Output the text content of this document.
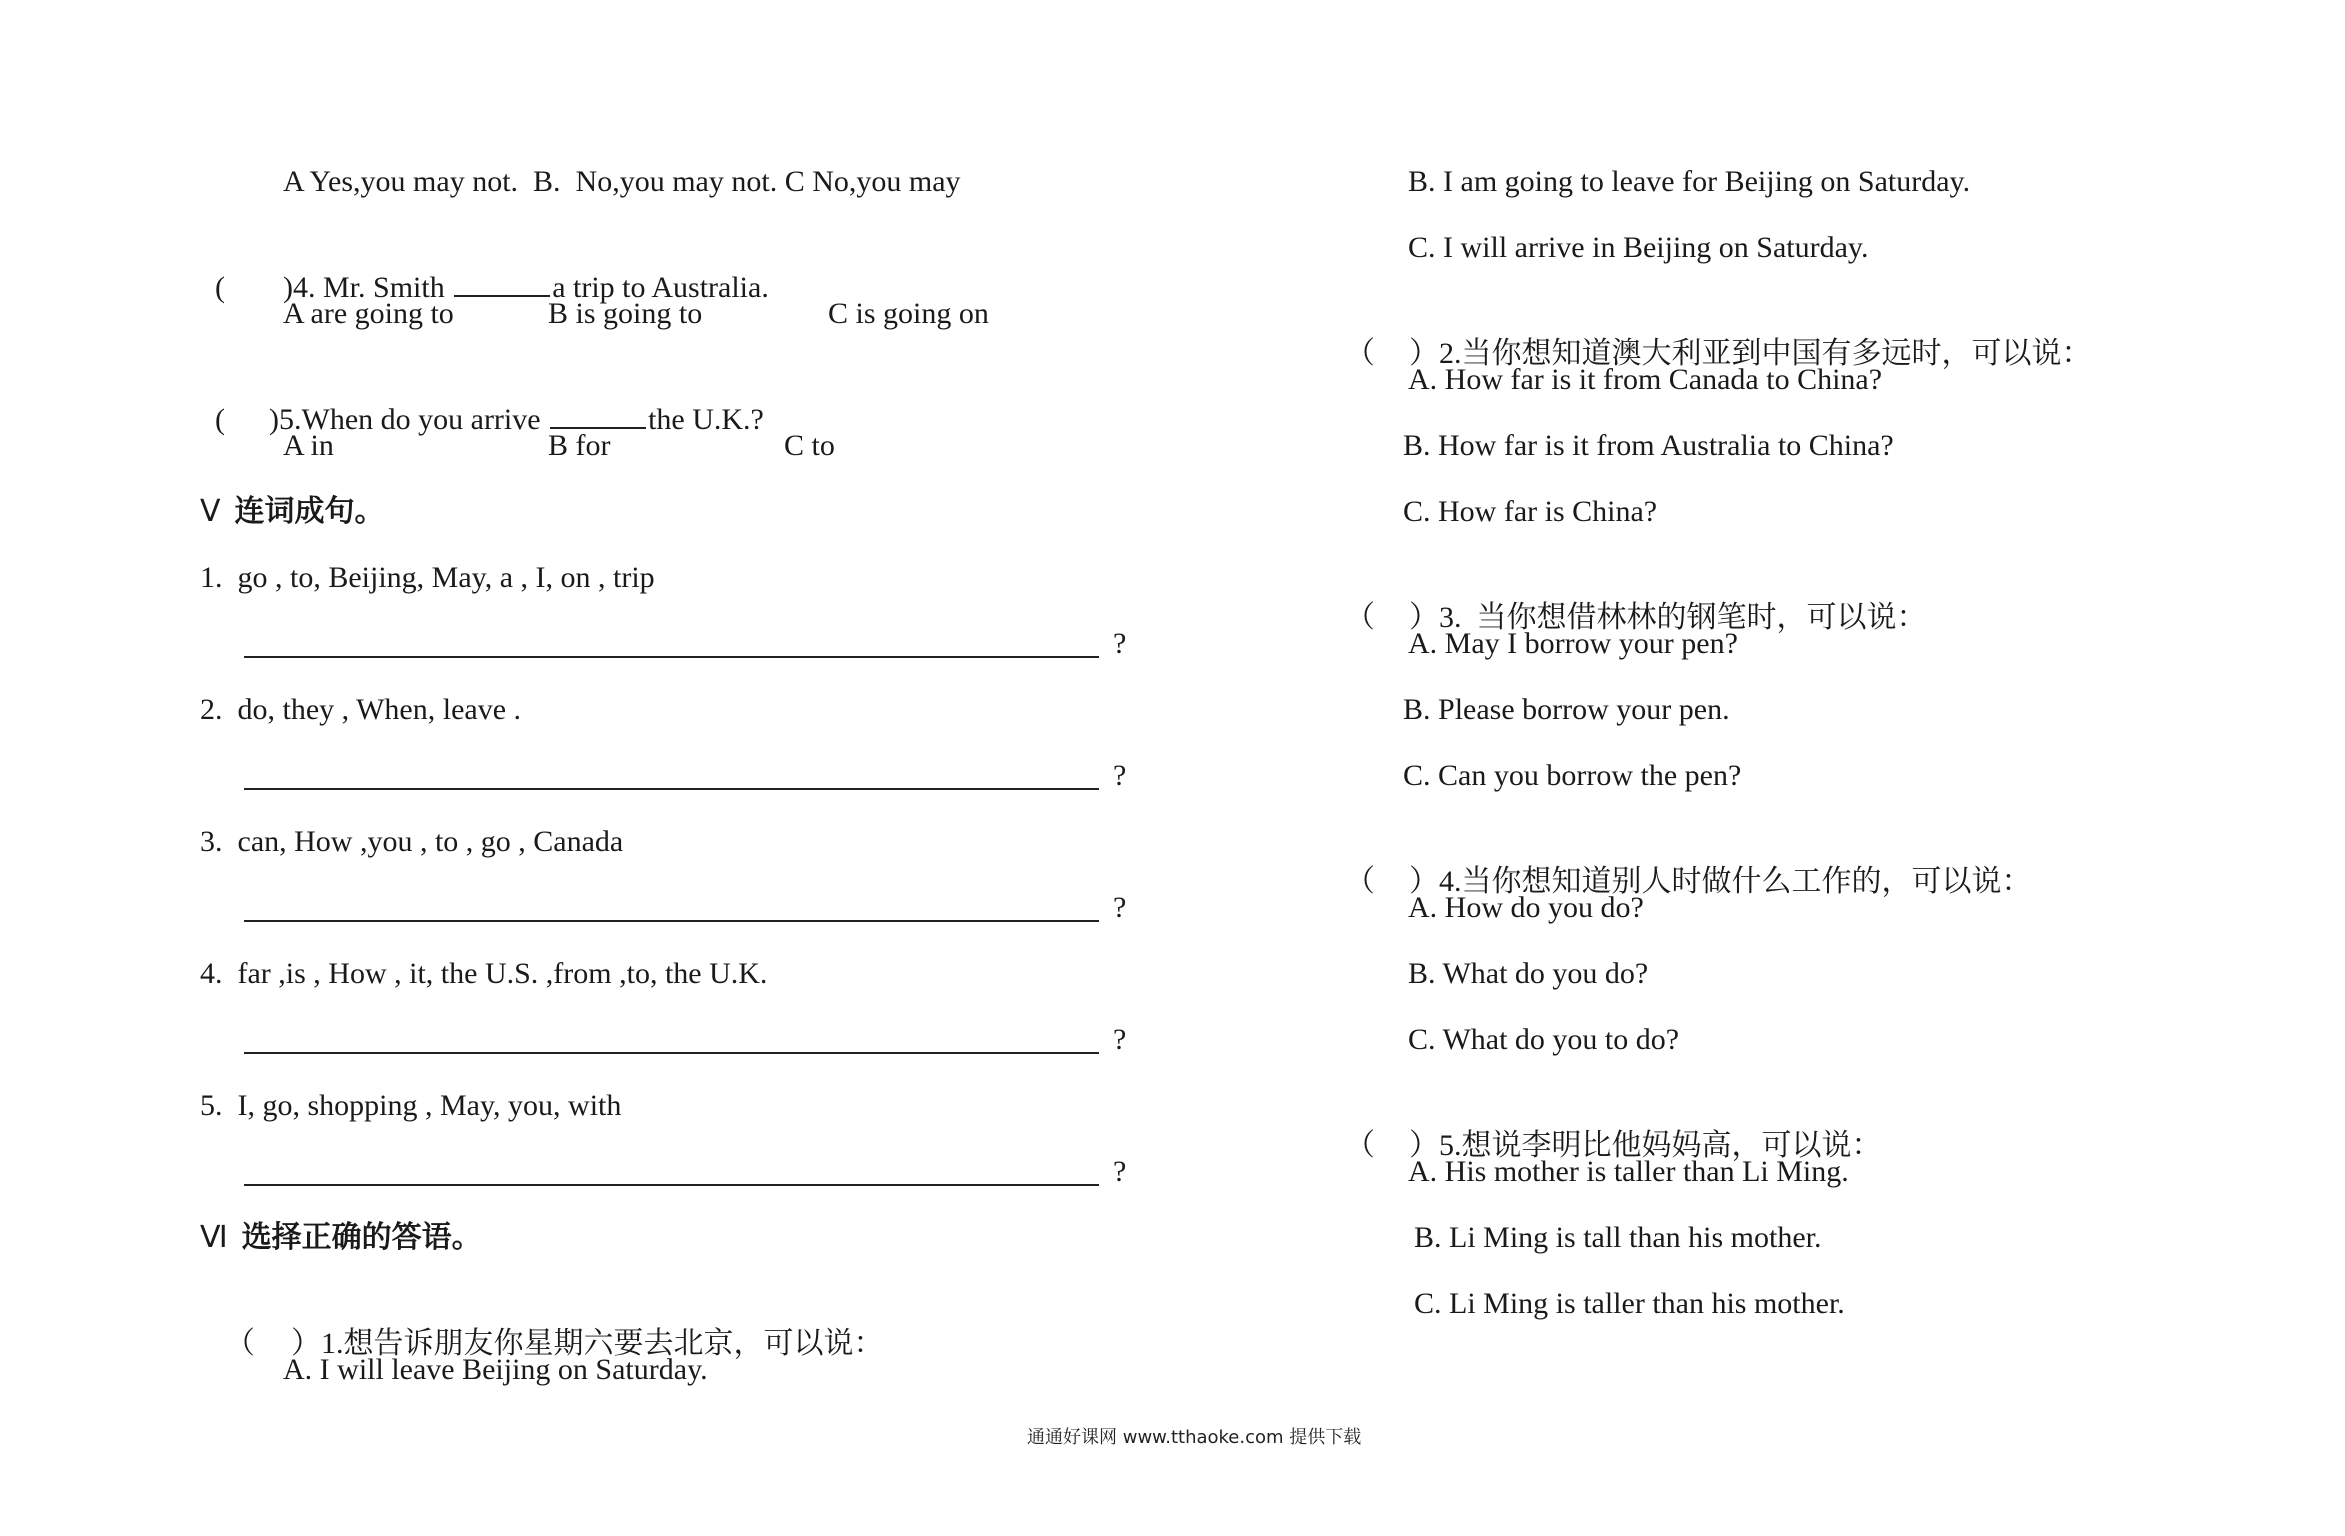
A Yes,you may not.  B.  No,you may not. C No,you may

( )4. Mr. Smith	a trip to Australia.

A are going to	B is going to	C is going on

( )5.When do you arrive	the U.K.?

A in	B for	C to
Ⅴ 连词成句。
1.  go , to, Beijing, May, a , I, on , trip
?
2.  do, they , When, leave .
?
3.  can, How ,you , to , go , Canada
?
4.  far ,is , How , it, the U.S. ,from ,to, the U.K.
?
5.  I, go, shopping , May, you, with
?
Ⅵ 选择正确的答语。

（ ）1.想告诉朋友你星期六要去北京，可以说：

A. I will leave Beijing on Saturday.
B. I am going to leave for Beijing on Saturday.
C. I will arrive in Beijing on Saturday.

（ ）2.当你想知道澳大利亚到中国有多远时，可以说：

A. How far is it from Canada to China?
B. How far is it from Australia to China?
C. How far is China?

（ ）3.  当你想借林林的钢笔时，可以说：

A. May I borrow your pen?
B. Please borrow your pen.
C. Can you borrow the pen?

（ ）4.当你想知道别人时做什么工作的，可以说：

A. How do you do?
B. What do you do?
C. What do you to do?

（ ）5.想说李明比他妈妈高，可以说：

A. His mother is taller than Li Ming.
B. Li Ming is tall than his mother.
C. Li Ming is taller than his mother.
通通好课网 www.tthaoke.com 提供下载
